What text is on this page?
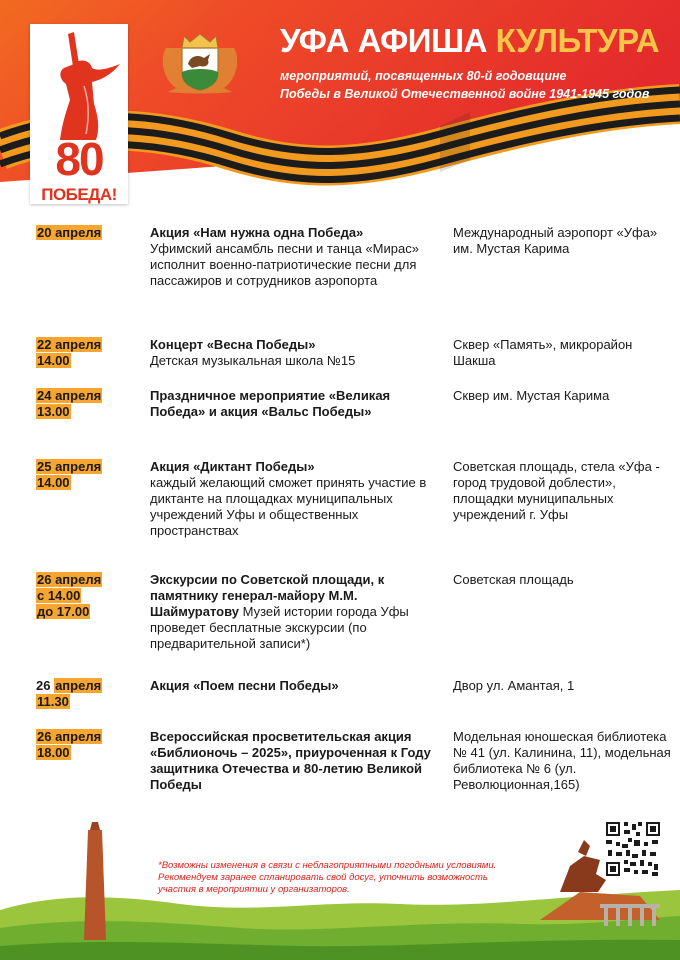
80
ПОБЕДА!
УФА АФИША КУЛЬТУРА
мероприятий, посвященных 80-й годовщине
Победы в Великой Отечественной войне 1941-1945 годов
20 апреля	Акция «Нам нужна одна Победа»
Уфимский ансамбль песни и танца «Мирас» исполнит военно-патриотические песни для пассажиров и сотрудников аэропорта
Международный аэропорт «Уфа» им. Мустая Карима
22 апреля
14.00
Концерт «Весна Победы»
Детская музыкальная школа №15
Сквер «Память», микрорайон Шакша
24 апреля
13.00
Праздничное мероприятие «Великая Победа» и акция «Вальс Победы»
Сквер им. Мустая Карима
25 апреля
14.00
Акция «Диктант Победы»
каждый желающий сможет принять участие в диктанте на площадках муниципальных учреждений Уфы и общественных пространствах
Советская площадь, стела «Уфа - город трудовой доблести», площадки муниципальных учреждений г. Уфы
26 апреля
с 14.00
до 17.00
Экскурсии по Советской площади, к памятнику генерал-майору М.М. Шаймуратову Музей истории города Уфы проведет бесплатные экскурсии (по предварительной записи*)
Советская площадь
26 апреля
11.30
Акция «Поем песни Победы»	Двор ул. Амантая, 1
26 апреля
18.00
Всероссийская просветительская акция «Библионочь – 2025», приуроченная к Году защитника Отечества и 80-летию Великой Победы
Модельная юношеская библиотека № 41 (ул. Калинина, 11), модельная библиотека № 6 (ул. Революционная,165)
*Возможны изменения в связи с неблагоприятными погодными условиями. Рекомендуем заранее спланировать свой досуг, уточнить возможность участия в мероприятии у организаторов.
